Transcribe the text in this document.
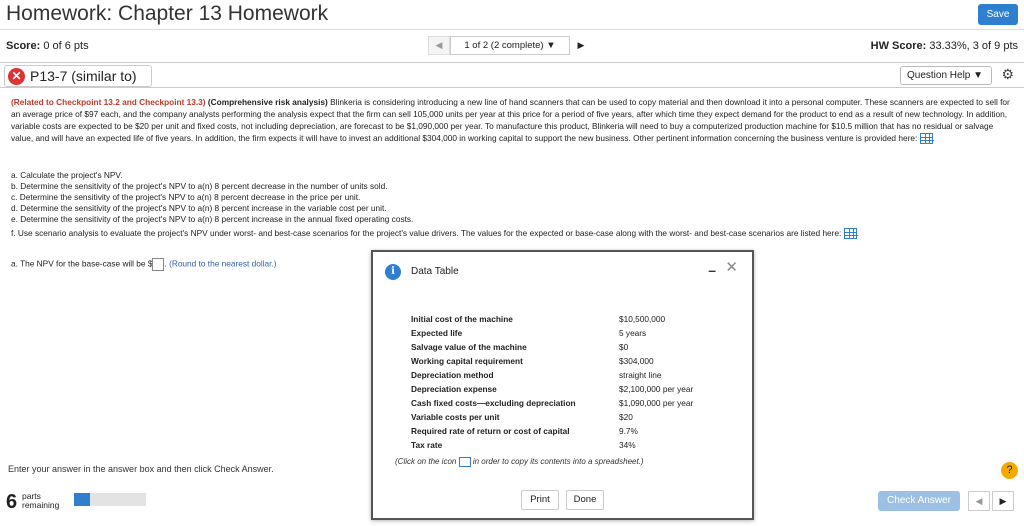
Homework: Chapter 13 Homework	Save
Score: 0 of 6 pts	◀	1 of 2 (2 complete) ▼	▶	HW Score: 33.33%, 3 of 9 pts
✕ P13-7 (similar to)	Question Help ▼	⚙
(Related to Checkpoint 13.2 and Checkpoint 13.3) (Comprehensive risk analysis) Blinkeria is considering introducing a new line of hand scanners that can be used to copy material and then download it into a personal computer. These scanners are expected to sell for an average price of $97 each, and the company analysts performing the analysis expect that the firm can sell 105,000 units per year at this price for a period of five years, after which time they expect demand for the product to end as a result of new technology. In addition, variable costs are expected to be $20 per unit and fixed costs, not including depreciation, are forecast to be $1,090,000 per year. To manufacture this product, Blinkeria will need to buy a computerized production machine for $10.5 million that has no residual or salvage value, and will have an expected life of five years. In addition, the firm expects it will have to invest an additional $304,000 in working capital to support the new business. Other pertinent information concerning the business venture is provided here: .
a. Calculate the project's NPV.
b. Determine the sensitivity of the project's NPV to a(n) 8 percent decrease in the number of units sold.
c. Determine the sensitivity of the project's NPV to a(n) 8 percent decrease in the price per unit.
d. Determine the sensitivity of the project's NPV to a(n) 8 percent increase in the variable cost per unit.
e. Determine the sensitivity of the project's NPV to a(n) 8 percent increase in the annual fixed operating costs.
f. Use scenario analysis to evaluate the project's NPV under worst- and best-case scenarios for the project's value drivers. The values for the expected or base-case along with the worst- and best-case scenarios are listed here: .
a. The NPV for the base-case will be $ . (Round to the nearest dollar.)
Enter your answer in the answer box and then click Check Answer.
6 parts
remaining
?
Check Answer	◀	▶
i	Data Table	– ✕
Initial cost of the machine	$10,500,000
Expected life	5 years
Salvage value of the machine	$0
Working capital requirement	$304,000
Depreciation method	straight line
Depreciation expense	$2,100,000 per year
Cash fixed costs—excluding depreciation	$1,090,000 per year
Variable costs per unit	$20
Required rate of return or cost of capital	9.7%
Tax rate	34%
(Click on the icon in order to copy its contents into a spreadsheet.)
Print	Done
